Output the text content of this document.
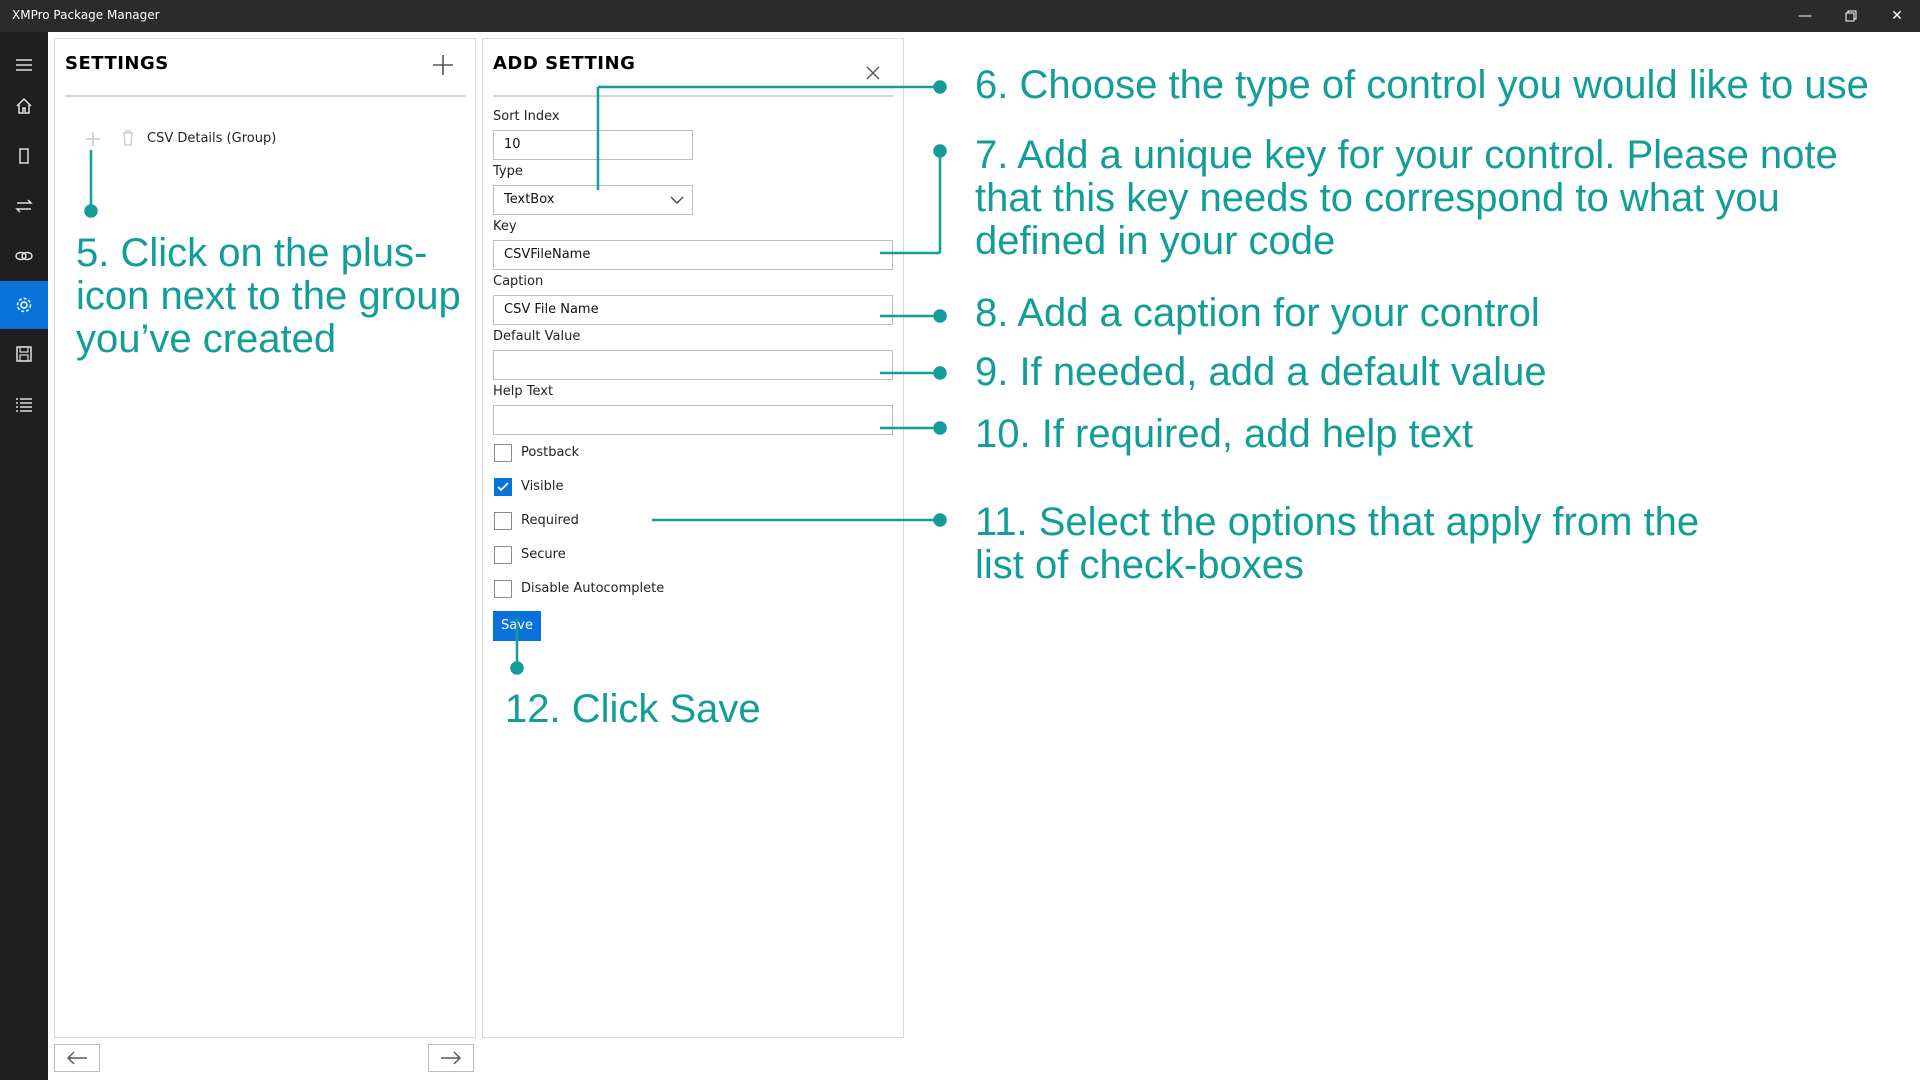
XMPro Package Manager	—	✕
SETTINGS
CSV Details (Group)
ADD SETTING
Sort Index
10
Type
TextBox
Key
CSVFileName
Caption
CSV File Name
Default Value
Help Text
Postback
Visible
Required
Secure
Disable Autocomplete
Save
5. Click on the plus-icon next to the group you’ve created
6. Choose the type of control you would like to use
7. Add a unique key for your control. Please note that this key needs to correspond to what you defined in your code
8. Add a caption for your control
9. If needed, add a default value
10. If required, add help text
11. Select the options that apply from the list of check-boxes
12. Click Save
